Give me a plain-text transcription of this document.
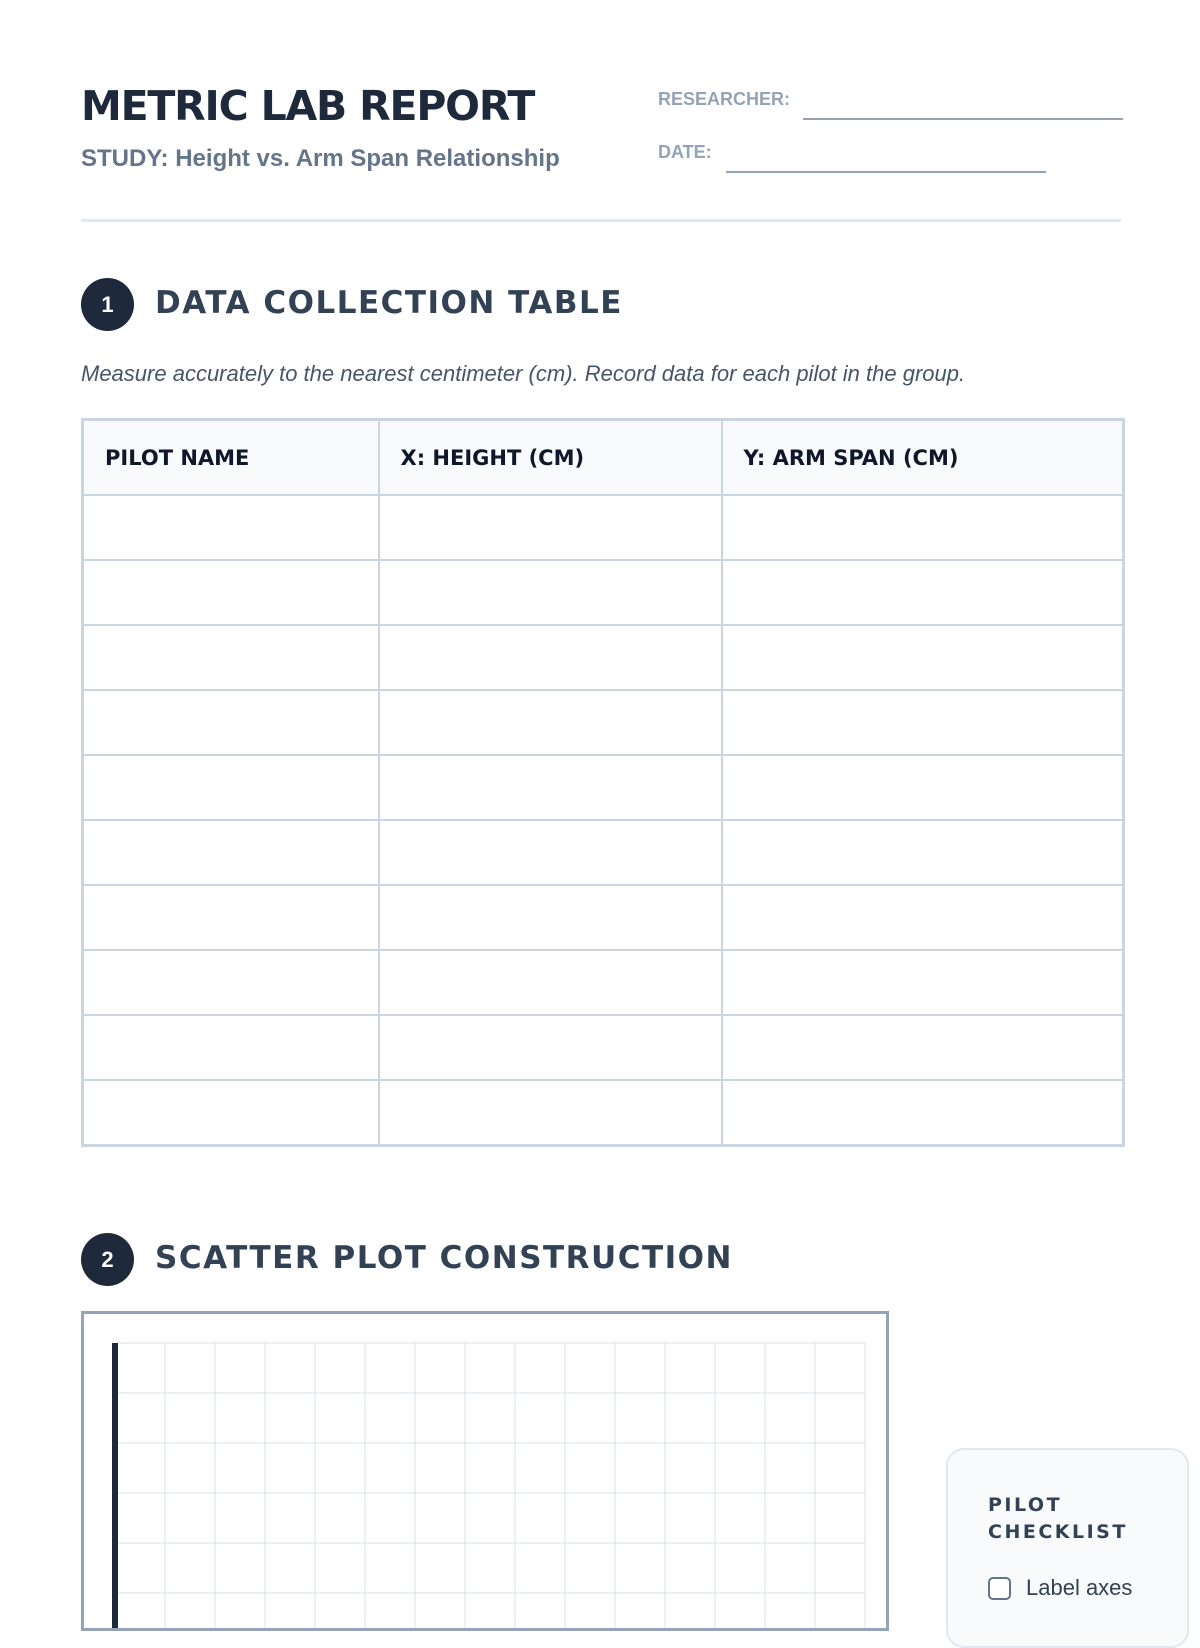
METRIC LAB REPORT
STUDY: Height vs. Arm Span Relationship
RESEARCHER:
DATE:
1	DATA COLLECTION TABLE
Measure accurately to the nearest centimeter (cm). Record data for each pilot in the group.
PILOT NAME	X: HEIGHT (CM)	Y: ARM SPAN (CM)

2	SCATTER PLOT CONSTRUCTION
PILOT CHECKLIST
Label axes
